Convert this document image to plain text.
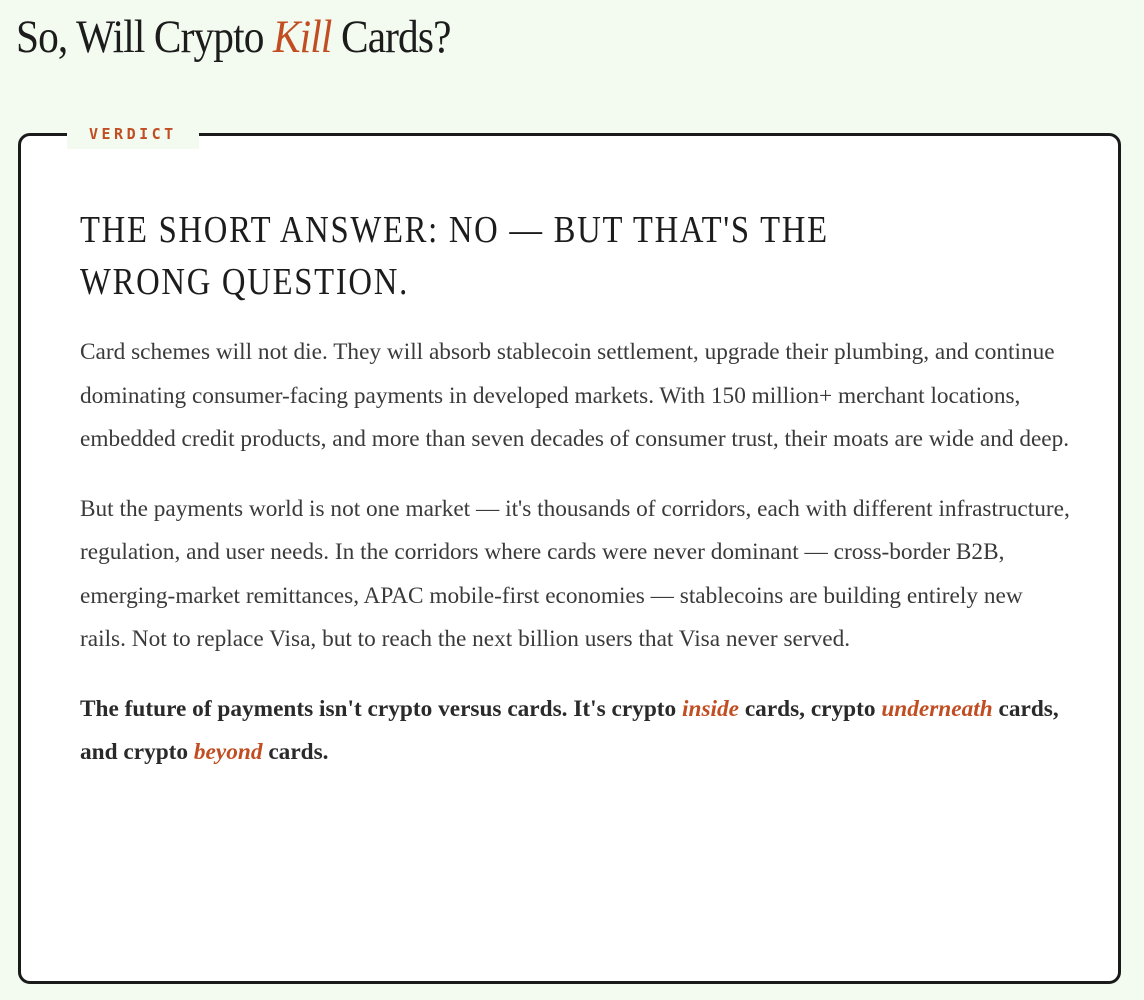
So, Will Crypto Kill Cards?
VERDICT
THE SHORT ANSWER: NO — BUT THAT'S THE WRONG QUESTION.

Card schemes will not die. They will absorb stablecoin settlement, upgrade their plumbing, and continue dominating consumer-facing payments in developed markets. With 150 million+ merchant locations, embedded credit products, and more than seven decades of consumer trust, their moats are wide and deep.

But the payments world is not one market — it's thousands of corridors, each with different infrastructure, regulation, and user needs. In the corridors where cards were never dominant — cross-border B2B, emerging-market remittances, APAC mobile-first economies — stablecoins are building entirely new rails. Not to replace Visa, but to reach the next billion users that Visa never served.

The future of payments isn't crypto versus cards. It's crypto inside cards, crypto underneath cards, and crypto beyond cards.
